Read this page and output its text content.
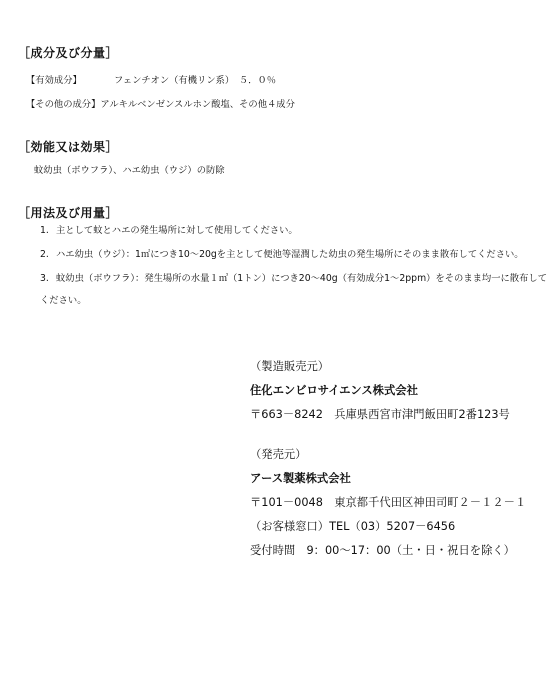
［成分及び分量］
【有効成分】	フェンチオン（有機リン系）　５．０％
【その他の成分】アルキルベンゼンスルホン酸塩、その他４成分
［効能又は効果］
蚊幼虫（ボウフラ）、ハエ幼虫（ウジ）の防除
［用法及び用量］
1. 主として蚊とハエの発生場所に対して使用してください。
2. ハエ幼虫（ウジ）：1㎡につき10～20gを主として便池等湿潤した幼虫の発生場所にそのまま散布してください。
3. 蚊幼虫（ボウフラ）：発生場所の水量１㎥（1トン）につき20～40g（有効成分1～2ppm）をそのまま均一に散布してください。
（製造販売元）
住化エンビロサイエンス株式会社
〒663－8242　兵庫県西宮市津門飯田町2番123号
（発売元）
アース製薬株式会社
〒101－0048　東京都千代田区神田司町２－１２－１
（お客様窓口）TEL（03）5207－6456
受付時間　9：00～17：00（土・日・祝日を除く）
